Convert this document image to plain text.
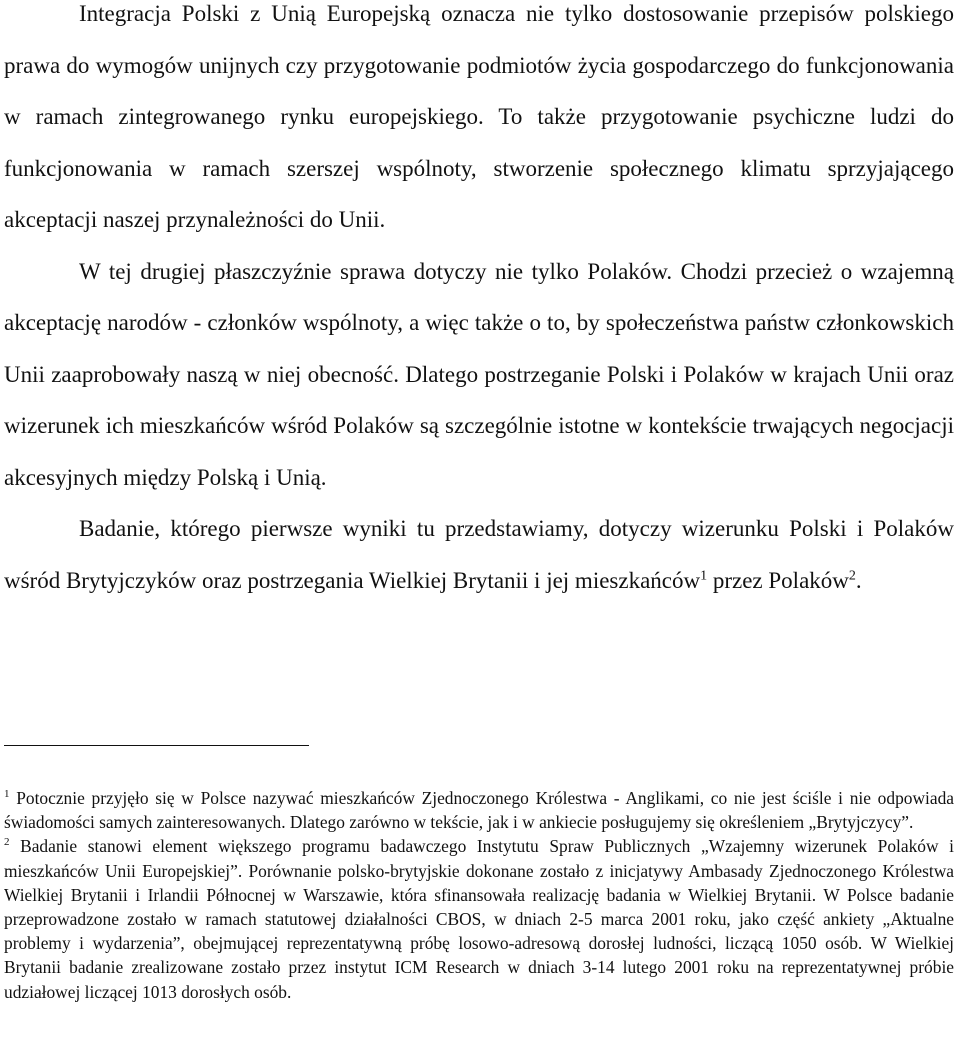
Integracja Polski z Unią Europejską oznacza nie tylko dostosowanie przepisów polskiego prawa do wymogów unijnych czy przygotowanie podmiotów życia gospodarczego do funkcjonowania w ramach zintegrowanego rynku europejskiego. To także przygotowanie psychiczne ludzi do funkcjonowania w ramach szerszej wspólnoty, stworzenie społecznego klimatu sprzyjającego akceptacji naszej przynależności do Unii.

W tej drugiej płaszczyźnie sprawa dotyczy nie tylko Polaków. Chodzi przecież o wzajemną akceptację narodów - członków wspólnoty, a więc także o to, by społeczeństwa państw członkowskich Unii zaaprobowały naszą w niej obecność. Dlatego postrzeganie Polski i Polaków w krajach Unii oraz wizerunek ich mieszkańców wśród Polaków są szczególnie istotne w kontekście trwających negocjacji akcesyjnych między Polską i Unią.

Badanie, którego pierwsze wyniki tu przedstawiamy, dotyczy wizerunku Polski i Polaków wśród Brytyjczyków oraz postrzegania Wielkiej Brytanii i jej mieszkańców$^1$ przez Polaków$^2$.

$^1$ Potocznie przyjęło się w Polsce nazywać mieszkańców Zjednoczonego Królestwa - Anglikami, co nie jest ściśle i nie odpowiada świadomości samych zainteresowanych. Dlatego zarówno w tekście, jak i w ankiecie posługujemy się określeniem „Brytyjczycy”.

$^2$ Badanie stanowi element większego programu badawczego Instytutu Spraw Publicznych „Wzajemny wizerunek Polaków i mieszkańców Unii Europejskiej”. Porównanie polsko-brytyjskie dokonane zostało z inicjatywy Ambasady Zjednoczonego Królestwa Wielkiej Brytanii i Irlandii Północnej w Warszawie, która sfinansowała realizację badania w Wielkiej Brytanii. W Polsce badanie przeprowadzone zostało w ramach statutowej działalności CBOS, w dniach 2-5 marca 2001 roku, jako część ankiety „Aktualne problemy i wydarzenia”, obejmującej reprezentatywną próbę losowo-adresową dorosłej ludności, liczącą 1050 osób. W Wielkiej Brytanii badanie zrealizowane zostało przez instytut ICM Research w dniach 3-14 lutego 2001 roku na reprezentatywnej próbie udziałowej liczącej 1013 dorosłych osób.
